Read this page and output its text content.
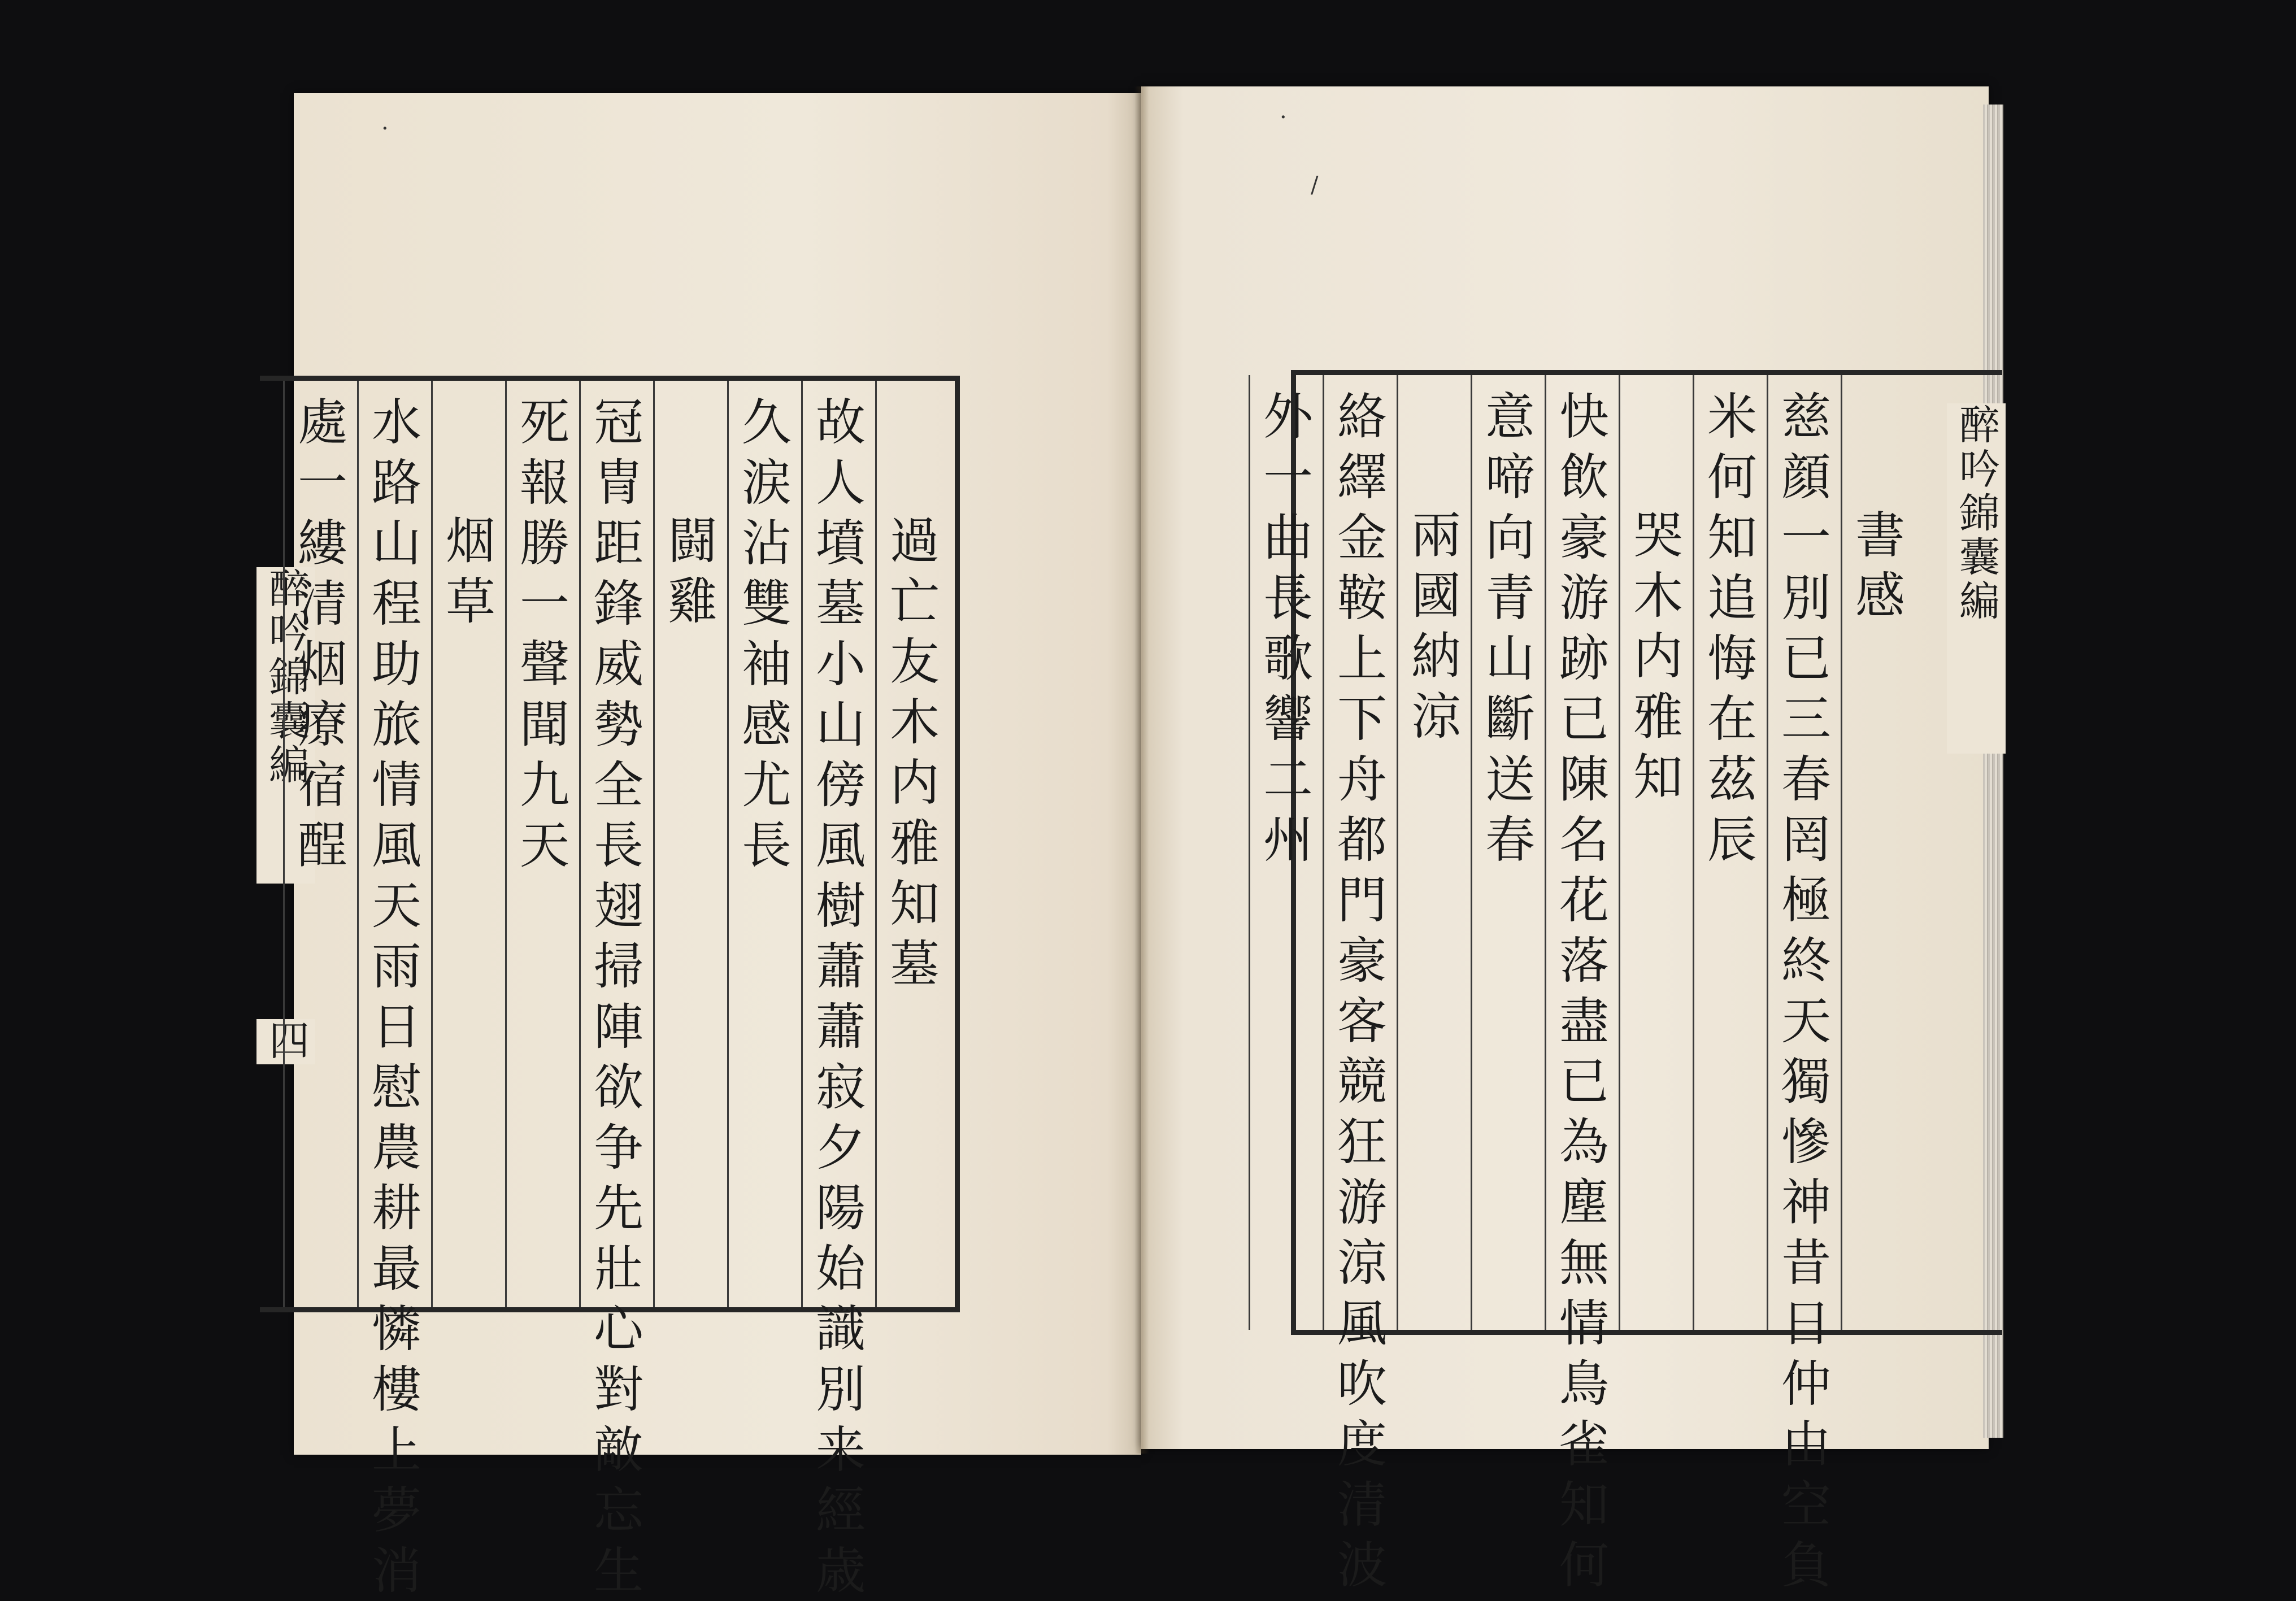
·	·
/
醉吟錦囊編
四
過亡友木内雅知墓
故人墳墓小山傍風樹蕭蕭寂夕陽始識別来經歳
久涙沾雙袖感尤長
闘雞
冠冑距鋒威勢全長翅掃陣欲争先壯心對敵忘生
死報勝一聲聞九天
烟草
水路山程助旅情風天雨日慰農耕最憐樓上夢消
處一縷清烟療宿酲
醉吟錦囊編
書感
慈顔一別已三春罔極終天獨慘神昔日仲由空負
米何知追悔在茲辰
哭木内雅知
快飲豪游跡已陳名花落盡已為塵無情鳥雀知何
意啼向青山斷送春
兩國納涼
絡繹金鞍上下舟都門豪客競狂游涼風吹度清波
外一曲長歌響二州
